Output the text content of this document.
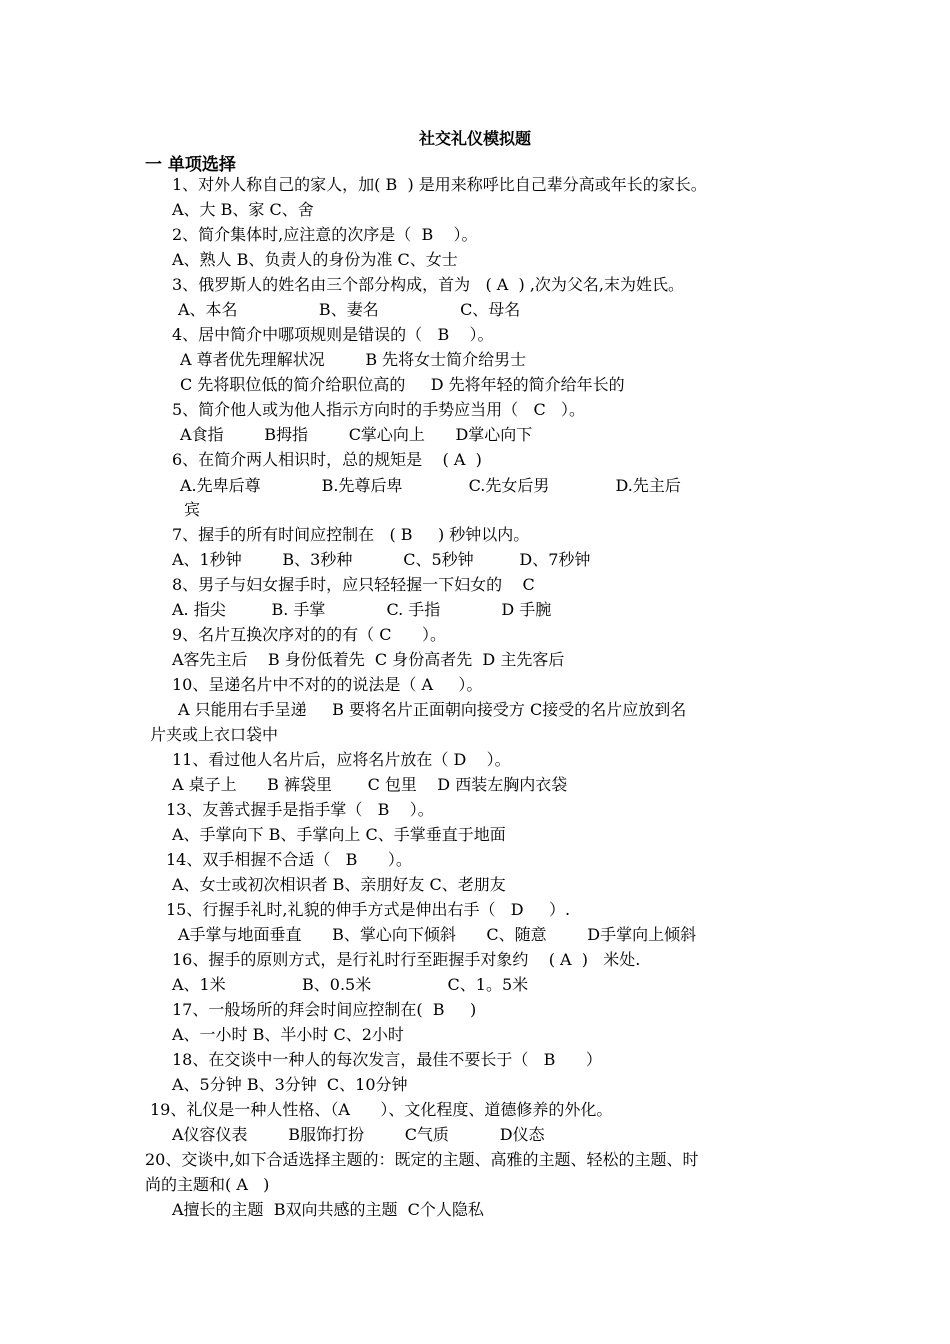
社交礼仪模拟题
一 单项选择
1、对外人称自己的家人，加( B  ) 是用来称呼比自己辈分高或年长的家长。
A、大 B、家 C、舍
2、简介集体时,应注意的次序是（  B    ）。
A、熟人 B、负责人的身份为准 C、女士
3、俄罗斯人的姓名由三个部分构成，首为   ( A  ) ,次为父名,末为姓氏。
A、本名                B、妻名                C、母名
4、居中简介中哪项规则是错误的（   B    ）。
A 尊者优先理解状况        B 先将女士简介给男士
C 先将职位低的简介给职位高的     D 先将年轻的简介给年长的
5、简介他人或为他人指示方向时的手势应当用（   C   ）。
A食指        B拇指        C掌心向上      D掌心向下
6、在简介两人相识时，总的规矩是    ( A  )
A.先卑后尊            B.先尊后卑             C.先女后男             D.先主后
宾
7、握手的所有时间应控制在   ( B     ) 秒钟以内。
A、1秒钟        B、3秒种          C、5秒钟         D、7秒钟
8、男子与妇女握手时，应只轻轻握一下妇女的    C
A. 指尖         B. 手掌            C. 手指            D 手腕
9、名片互换次序对的的有（ C      ）。
A客先主后    B 身份低着先  C 身份高者先  D 主先客后
10、呈递名片中不对的的说法是（ A     ）。
A 只能用右手呈递     B 要将名片正面朝向接受方 C接受的名片应放到名
片夹或上衣口袋中
11、看过他人名片后，应将名片放在（ D    ）。
A 桌子上      B 裤袋里       C 包里    D 西装左胸内衣袋
13、友善式握手是指手掌（   B    ）。
A、手掌向下 B、手掌向上 C、手掌垂直于地面
14、双手相握不合适（   B      ）。
A、女士或初次相识者 B、亲朋好友 C、老朋友
15、行握手礼时,礼貌的伸手方式是伸出右手（   D     ）.
A手掌与地面垂直      B、掌心向下倾斜      C、随意        D手掌向上倾斜
16、握手的原则方式，是行礼时行至距握手对象约    ( A  )   米处.
A、1米               B、0.5米               C、1。5米
17、一般场所的拜会时间应控制在(  B     )
A、一小时 B、半小时 C、2小时
18、在交谈中一种人的每次发言，最佳不要长于（   B      ）
A、5分钟 B、3分钟  C、10分钟
19、礼仪是一种人性格、（A      ）、文化程度、道德修养的外化。
A仪容仪表        B服饰打扮        C气质          D仪态
20、交谈中,如下合适选择主题的：既定的主题、高雅的主题、轻松的主题、时
尚的主题和( A   )
A擅长的主题  B双向共感的主题  C个人隐私
